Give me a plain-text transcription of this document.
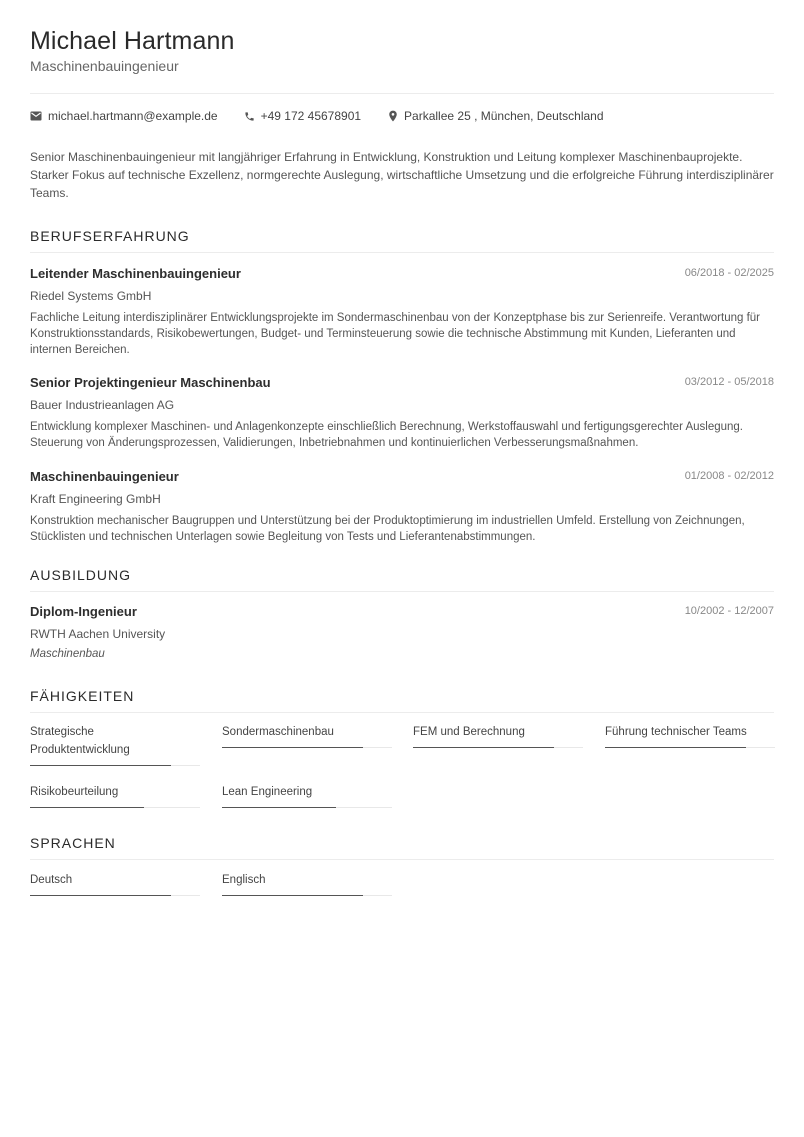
Michael Hartmann
Maschinenbauingenieur
michael.hartmann@example.de	+49 172 45678901	Parkallee 25 , München, Deutschland

Senior Maschinenbauingenieur mit langjähriger Erfahrung in Entwicklung, Konstruktion und Leitung komplexer Maschinenbauprojekte. Starker Fokus auf technische Exzellenz, normgerechte Auslegung, wirtschaftliche Umsetzung und die erfolgreiche Führung interdisziplinärer Teams.

BERUFSERFAHRUNG
Leitender Maschinenbauingenieur	06/2018 - 02/2025
Riedel Systems GmbH
Fachliche Leitung interdisziplinärer Entwicklungsprojekte im Sondermaschinenbau von der Konzeptphase bis zur Serienreife. Verantwortung für Konstruktionsstandards, Risikobewertungen, Budget- und Terminsteuerung sowie die technische Abstimmung mit Kunden, Lieferanten und internen Bereichen.
Senior Projektingenieur Maschinenbau	03/2012 - 05/2018
Bauer Industrieanlagen AG
Entwicklung komplexer Maschinen- und Anlagenkonzepte einschließlich Berechnung, Werkstoffauswahl und fertigungsgerechter Auslegung. Steuerung von Änderungsprozessen, Validierungen, Inbetriebnahmen und kontinuierlichen Verbesserungsmaßnahmen.
Maschinenbauingenieur	01/2008 - 02/2012
Kraft Engineering GmbH
Konstruktion mechanischer Baugruppen und Unterstützung bei der Produktoptimierung im industriellen Umfeld. Erstellung von Zeichnungen, Stücklisten und technischen Unterlagen sowie Begleitung von Tests und Lieferantenabstimmungen.
AUSBILDUNG
Diplom-Ingenieur	10/2002 - 12/2007
RWTH Aachen University
Maschinenbau
FÄHIGKEITEN
Strategische Produktentwicklung
Sondermaschinenbau	FEM und Berechnung	Führung technischer Teams
Risikobeurteilung	Lean Engineering
SPRACHEN
Deutsch	Englisch
